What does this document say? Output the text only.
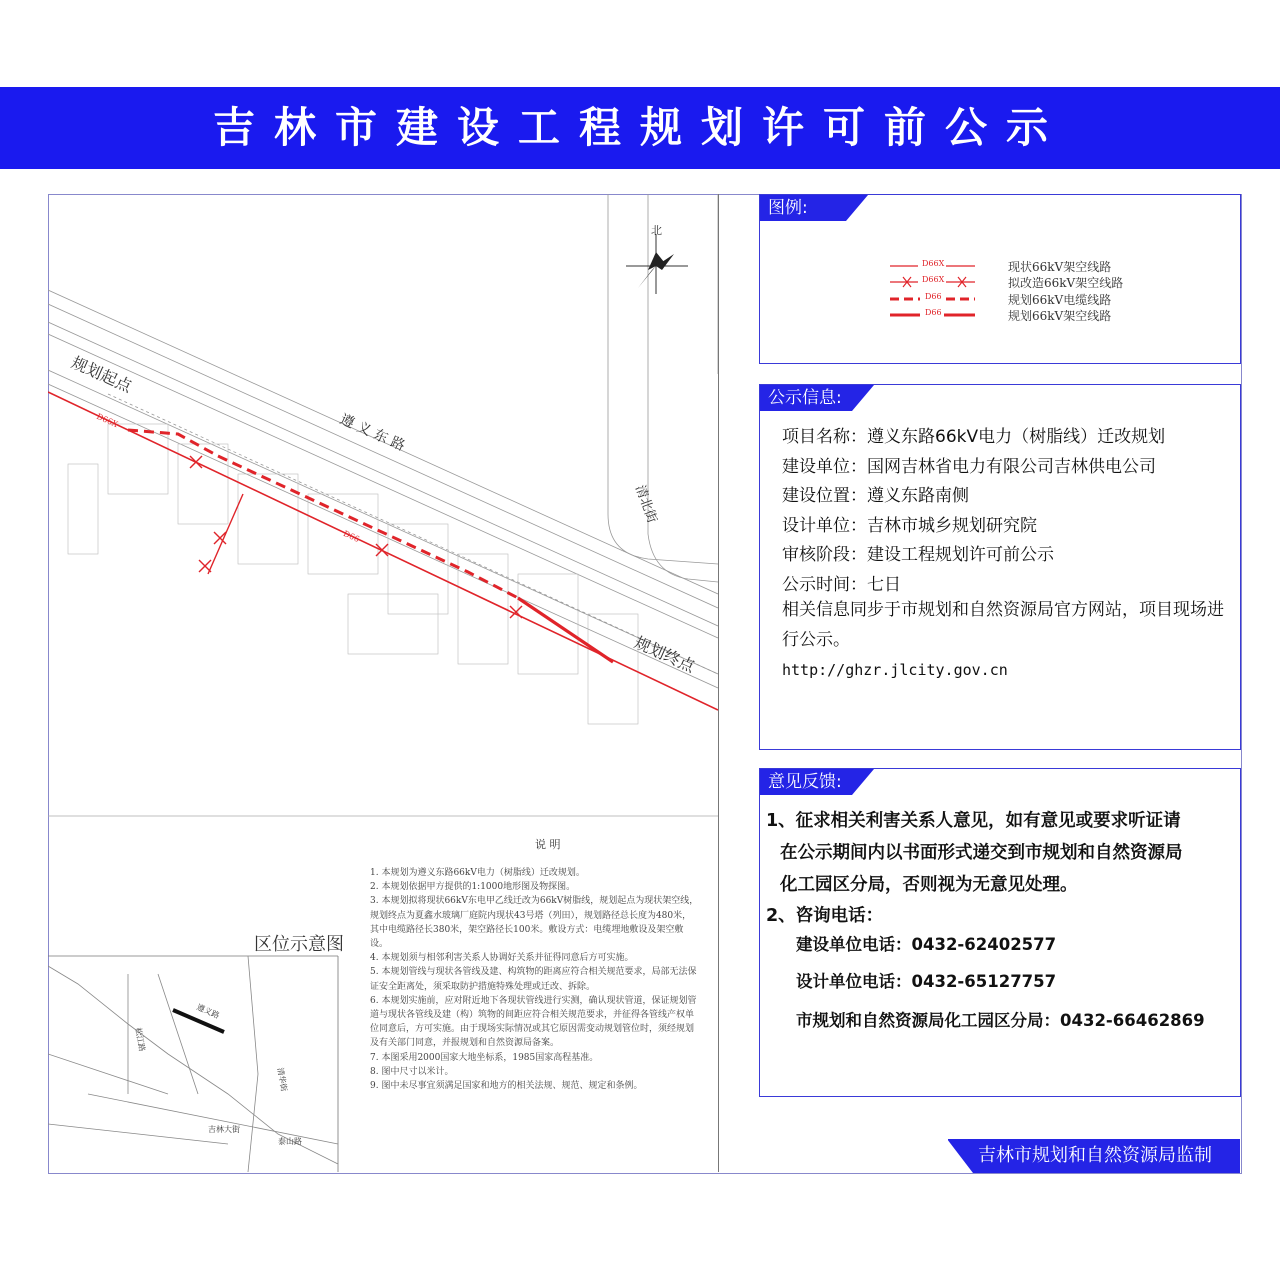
吉林市建设工程规划许可前公示
北
规划起点
规划终点
遵 义 东 路
清北街
D66X
D66
说 明
区位示意图
遵义路
松江路
吉林大街
清华街
泰山路
1. 本规划为遵义东路66kV电力（树脂线）迁改规划。
2. 本规划依据甲方提供的1:1000地形图及物探图。
3. 本规划拟将现状66kV东电甲乙线迁改为66kV树脂线，规划起点为现状架空线，规划终点为夏鑫水玻璃厂庭院内现状43号塔（列田），规划路径总长度为480米，其中电缆路径长380米，架空路径长100米。敷设方式：电缆埋地敷设及架空敷设。
4. 本规划须与相邻利害关系人协调好关系并征得同意后方可实施。
5. 本规划管线与现状各管线及建、构筑物的距离应符合相关规范要求，局部无法保证安全距离处，须采取防护措施特殊处理或迁改、拆除。
6. 本规划实施前，应对附近地下各现状管线进行实测，确认现状管道，保证规划管道与现状各管线及建（构）筑物的间距应符合相关规范要求，并征得各管线产权单位同意后，方可实施。由于现场实际情况或其它原因需变动规划管位时，须经规划及有关部门同意，并报规划和自然资源局备案。
7. 本图采用2000国家大地坐标系，1985国家高程基准。
8. 图中尺寸以米计。
9. 图中未尽事宜须满足国家和地方的相关法规、规范、规定和条例。
图例:
D66X
D66X
D66
D66
现状66kV架空线路
拟改造66kV架空线路
规划66kV电缆线路
规划66kV架空线路
公示信息:
项目名称：遵义东路66kV电力（树脂线）迁改规划
建设单位：国网吉林省电力有限公司吉林供电公司
建设位置：遵义东路南侧
设计单位：吉林市城乡规划研究院
审核阶段：建设工程规划许可前公示
公示时间：七日
相关信息同步于市规划和自然资源局官方网站，项目现场进行公示。
http://ghzr.jlcity.gov.cn
意见反馈:
1、征求相关利害关系人意见，如有意见或要求听证请
在公示期间内以书面形式递交到市规划和自然资源局
化工园区分局，否则视为无意见处理。
2、咨询电话：
建设单位电话：0432-62402577
设计单位电话：0432-65127757
市规划和自然资源局化工园区分局：0432-66462869
吉林市规划和自然资源局监制
